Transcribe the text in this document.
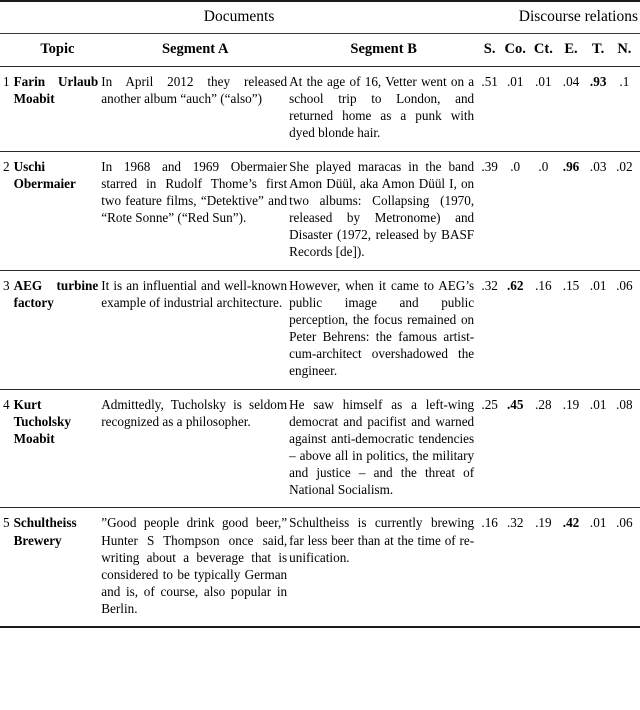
Documents				Discourse relations					
	Topic	Segment A	Segment B	S.	Co.	Ct.	E.	T.	N.
1	Farin Urlaub Moabit	In April 2012 they released another album “auch” (“also”)	At the age of 16, Vetter went on a school trip to London, and returned home as a punk with dyed blonde hair.	.51	.01	.01	.04	.93	.1
2	Uschi Obermaier	In 1968 and 1969 Obermaier starred in Rudolf Thome’s first two feature films, “Detektive” and “Rote Sonne” (“Red Sun”).	She played maracas in the band Amon Düül, aka Amon Düül I, on two albums: Collapsing (1970, released by Metronome) and Disaster (1972, released by BASF Records [de]).	.39	.0	.0	.96	.03	.02
3	AEG turbine factory	It is an influential and well-known example of industrial architecture.	However, when it came to AEG’s public image and public perception, the focus remained on Peter Behrens: the famous artist-cum-architect overshadowed the engineer.	.32	.62	.16	.15	.01	.06
4	Kurt Tucholsky Moabit	Admittedly, Tucholsky is seldom recognized as a philosopher.	He saw himself as a left-wing democrat and pacifist and warned against anti-democratic tendencies – above all in politics, the military and justice – and the threat of National Socialism.	.25	.45	.28	.19	.01	.08
5	Schultheiss Brewery	”Good people drink good beer,” Hunter S Thompson once said, writing about a beverage that is considered to be typically German and is, of course, also popular in Berlin.	Schultheiss is currently brewing far less beer than at the time of re-unification.	.16	.32	.19	.42	.01	.06
